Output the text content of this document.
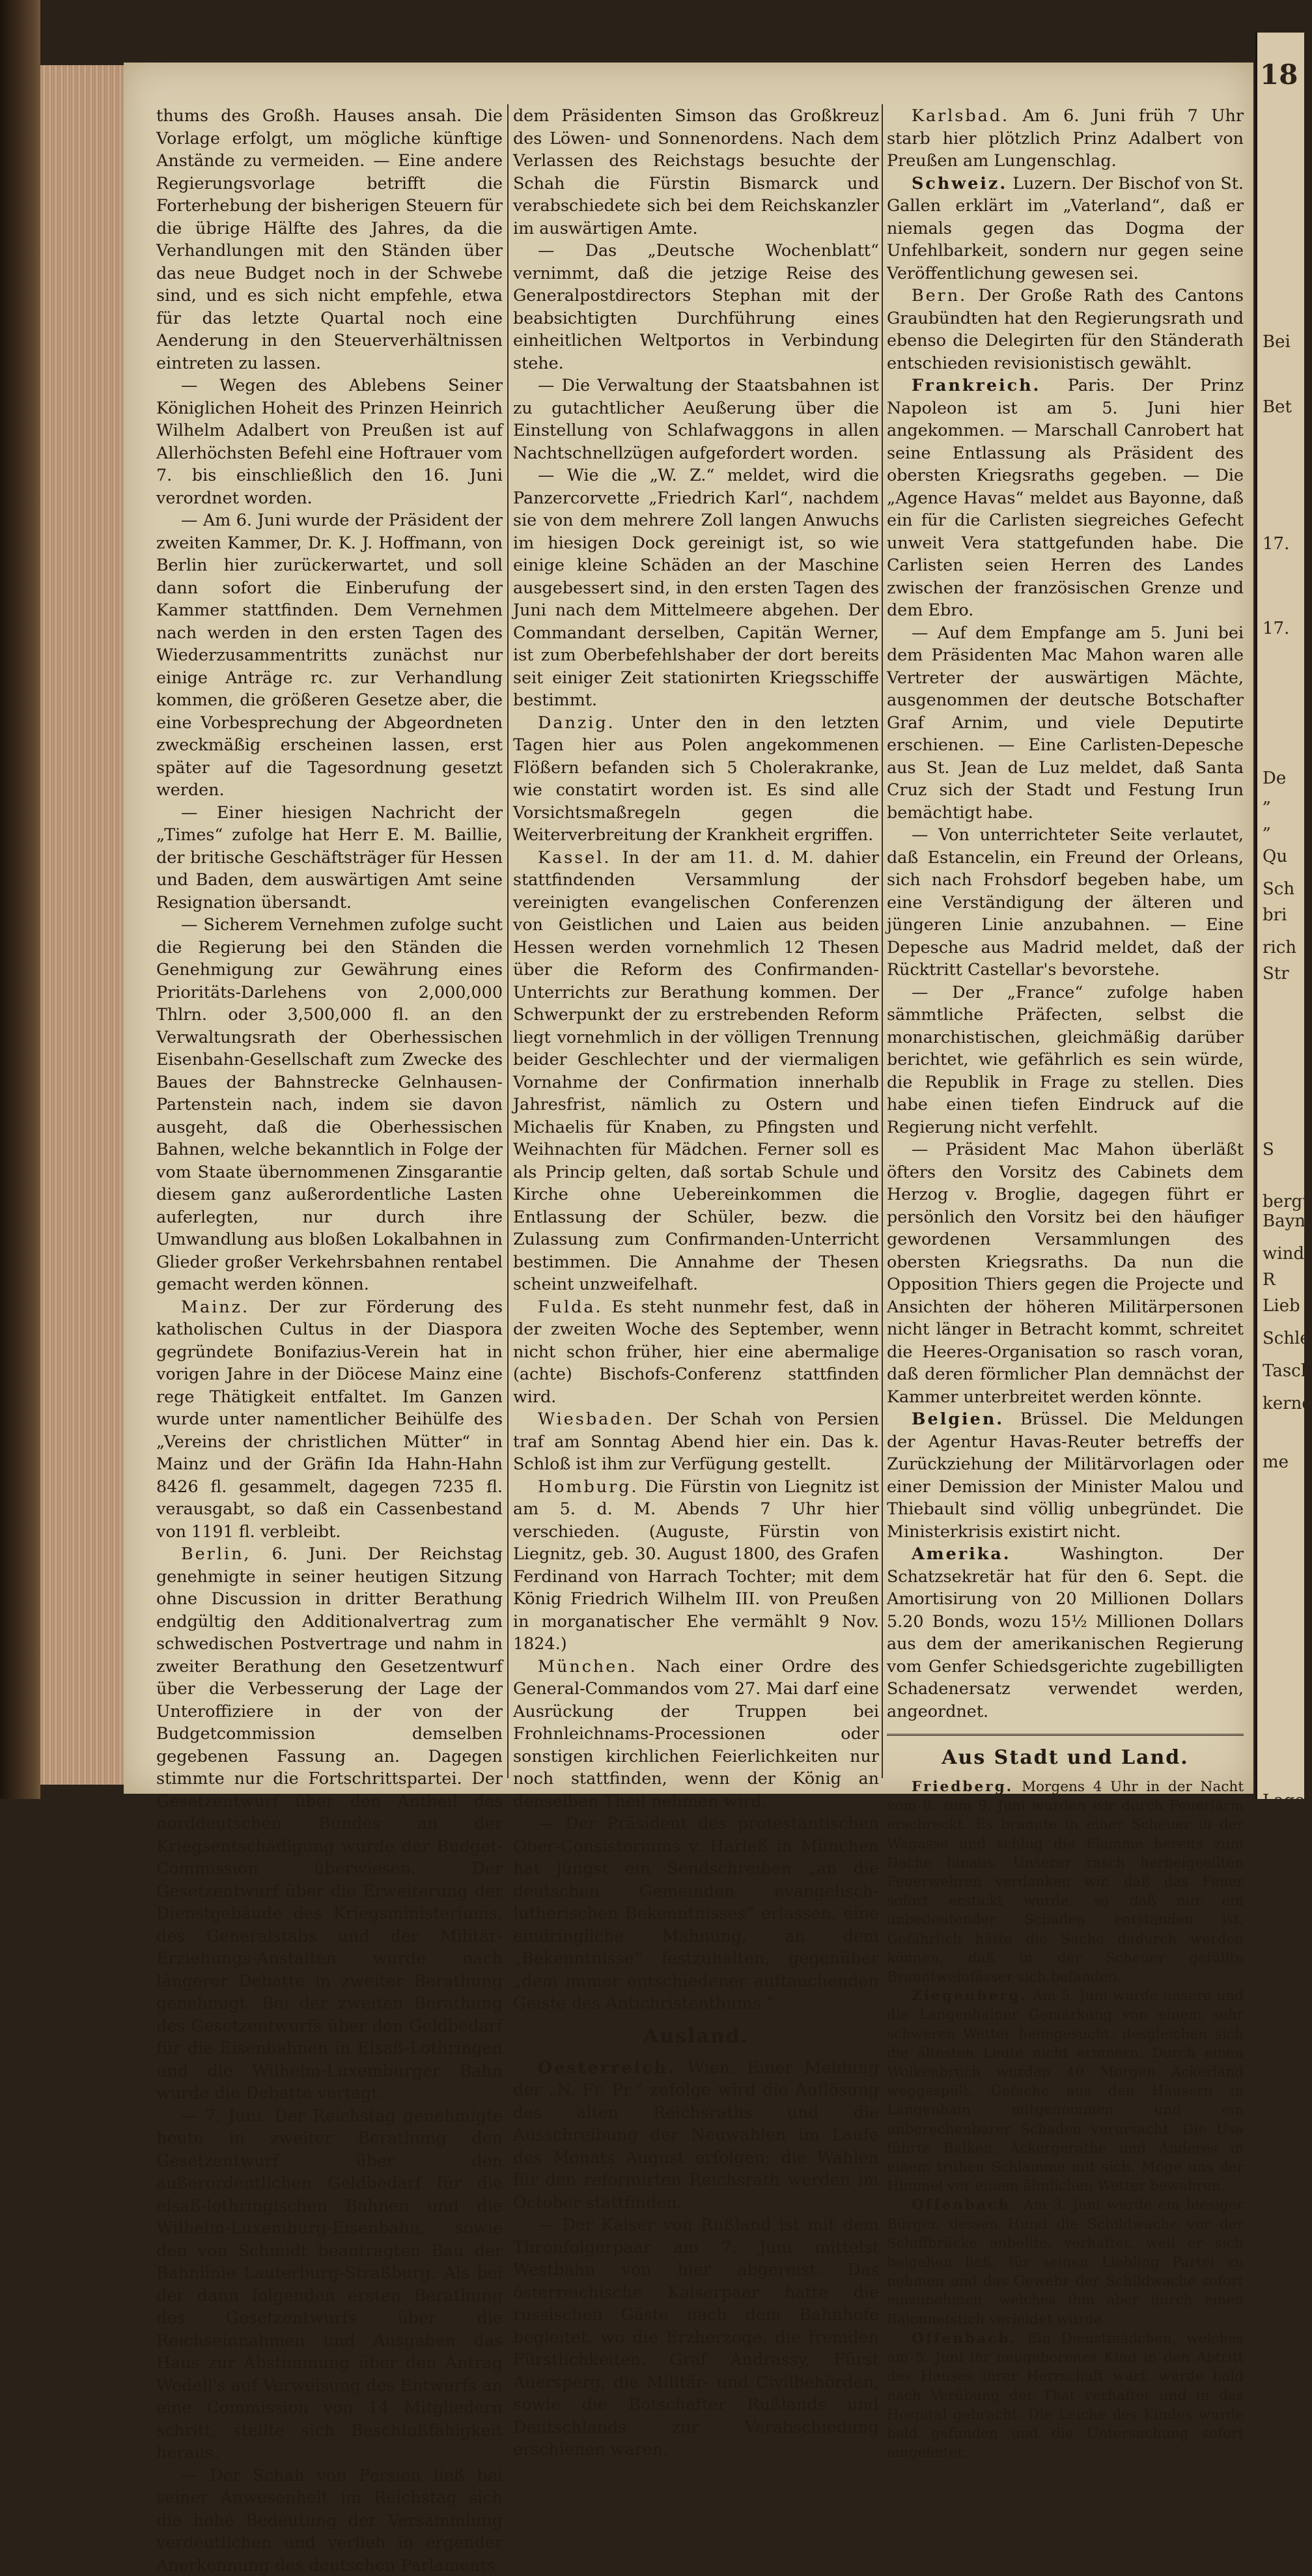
18
Bei
Bet
17.
17.
De
„
„
Qu
Sch
bri
rich
Str
S
bergt
Bayn
wind
R
Lieb
Schle
Tasch
kerne
me
Lage

thums des Großh. Hauses ansah. Die Vorlage erfolgt, um mögliche künftige Anstände zu vermeiden. — Eine andere Regierungsvorlage betrifft die Forterhebung der bisherigen Steuern für die übrige Hälfte des Jahres, da die Verhandlungen mit den Ständen über das neue Budget noch in der Schwebe sind, und es sich nicht empfehle, etwa für das letzte Quartal noch eine Aenderung in den Steuerverhältnissen eintreten zu lassen.

— Wegen des Ablebens Seiner Königlichen Hoheit des Prinzen Heinrich Wilhelm Adalbert von Preußen ist auf Allerhöchsten Befehl eine Hoftrauer vom 7. bis einschließlich den 16. Juni verordnet worden.

— Am 6. Juni wurde der Präsident der zweiten Kammer, Dr. K. J. Hoffmann, von Berlin hier zurückerwartet, und soll dann sofort die Einberufung der Kammer stattfinden. Dem Vernehmen nach werden in den ersten Tagen des Wiederzusammentritts zunächst nur einige Anträge rc. zur Verhandlung kommen, die größeren Gesetze aber, die eine Vorbesprechung der Abgeordneten zweckmäßig erscheinen lassen, erst später auf die Tagesordnung gesetzt werden.

— Einer hiesigen Nachricht der „Times“ zufolge hat Herr E. M. Baillie, der britische Geschäftsträger für Hessen und Baden, dem auswärtigen Amt seine Resignation übersandt.

— Sicherem Vernehmen zufolge sucht die Regierung bei den Ständen die Genehmigung zur Gewährung eines Prioritäts-Darlehens von 2,000,000 Thlrn. oder 3,500,000 fl. an den Verwaltungsrath der Oberhessischen Eisenbahn-Gesellschaft zum Zwecke des Baues der Bahnstrecke Gelnhausen-Partenstein nach, indem sie davon ausgeht, daß die Oberhessischen Bahnen, welche bekanntlich in Folge der vom Staate übernommenen Zinsgarantie diesem ganz außerordentliche Lasten auferlegten, nur durch ihre Umwandlung aus bloßen Lokalbahnen in Glieder großer Verkehrsbahnen rentabel gemacht werden können.

Mainz. Der zur Förderung des katholischen Cultus in der Diaspora gegründete Bonifazius-Verein hat in vorigen Jahre in der Diöcese Mainz eine rege Thätigkeit entfaltet. Im Ganzen wurde unter namentlicher Beihülfe des „Vereins der christlichen Mütter“ in Mainz und der Gräfin Ida Hahn-Hahn 8426 fl. gesammelt, dagegen 7235 fl. verausgabt, so daß ein Cassenbestand von 1191 fl. verbleibt.

Berlin, 6. Juni. Der Reichstag genehmigte in seiner heutigen Sitzung ohne Discussion in dritter Berathung endgültig den Additionalvertrag zum schwedischen Postvertrage und nahm in zweiter Berathung den Gesetzentwurf über die Verbesserung der Lage der Unteroffiziere in der von der Budgetcommission demselben gegebenen Fassung an. Dagegen stimmte nur die Fortschrittspartei. Der Gesetzentwurf über den Antheil des norddeutschen Bundes an der Kriegsentschädigung wurde der Budget-Commission überwiesen. Der Gesetzentwurf über die Erweiterung der Dienstgebäude des Kriegsministeriums, des Generalstabs und der Militär-Erziehungs-Anstalten wurde nach längerer Debatte in zweiter Berathung genehmigt. Bei der zweiten Berathung des Gesetzentwurfs über den Geldbedarf für die Eisenbahnen in Elsaß-Lothringen und die Wilhelm-Luxemburger Bahn wurde die Debatte vertagt.

— 7. Juni. Der Reichstag genehmigte heute in zweiter Berathung den Gesetzentwurf über den außerordentlichen Geldbedarf für die elsaß-lothringischen Bahnen und die Wilhelm-Luxemburg-Eisenbahn, sowie den von Schmidt beantragten Bau der Bahnlinie Lauterburg-Straßburg. Als bei der dann folgenden ersten Berathung des Gesetzentwurfs über die Reichseinnahmen und Ausgaben das Haus zur Abstimmung über den Antrag Wedell's auf Verweisung des Entwurfs an eine Commission von 14 Mitgliedern schritt, stellte sich Beschlußfähigkeit heraus.

— Der Schah von Persien ließ bei seiner Anwesenheit im Reichstag sich die hohe Bedeutung der Versammlung verdeutlichen und verlieh in ergender Anerkennung des deutschen Parlaments

dem Präsidenten Simson das Großkreuz des Löwen- und Sonnenordens. Nach dem Verlassen des Reichstags besuchte der Schah die Fürstin Bismarck und verabschiedete sich bei dem Reichskanzler im auswärtigen Amte.

— Das „Deutsche Wochenblatt“ vernimmt, daß die jetzige Reise des Generalpostdirectors Stephan mit der beabsichtigten Durchführung eines einheitlichen Weltportos in Verbindung stehe.

— Die Verwaltung der Staatsbahnen ist zu gutachtlicher Aeußerung über die Einstellung von Schlafwaggons in allen Nachtschnellzügen aufgefordert worden.

— Wie die „W. Z.“ meldet, wird die Panzercorvette „Friedrich Karl“, nachdem sie von dem mehrere Zoll langen Anwuchs im hiesigen Dock gereinigt ist, so wie einige kleine Schäden an der Maschine ausgebessert sind, in den ersten Tagen des Juni nach dem Mittelmeere abgehen. Der Commandant derselben, Capitän Werner, ist zum Oberbefehlshaber der dort bereits seit einiger Zeit stationirten Kriegsschiffe bestimmt.

Danzig. Unter den in den letzten Tagen hier aus Polen angekommenen Flößern befanden sich 5 Cholerakranke, wie constatirt worden ist. Es sind alle Vorsichtsmaßregeln gegen die Weiterverbreitung der Krankheit ergriffen.

Kassel. In der am 11. d. M. dahier stattfindenden Versammlung der vereinigten evangelischen Conferenzen von Geistlichen und Laien aus beiden Hessen werden vornehmlich 12 Thesen über die Reform des Confirmanden-Unterrichts zur Berathung kommen. Der Schwerpunkt der zu erstrebenden Reform liegt vornehmlich in der völligen Trennung beider Geschlechter und der viermaligen Vornahme der Confirmation innerhalb Jahresfrist, nämlich zu Ostern und Michaelis für Knaben, zu Pfingsten und Weihnachten für Mädchen. Ferner soll es als Princip gelten, daß sortab Schule und Kirche ohne Uebereinkommen die Entlassung der Schüler, bezw. die Zulassung zum Confirmanden-Unterricht bestimmen. Die Annahme der Thesen scheint unzweifelhaft.

Fulda. Es steht nunmehr fest, daß in der zweiten Woche des September, wenn nicht schon früher, hier eine abermalige (achte) Bischofs-Conferenz stattfinden wird.

Wiesbaden. Der Schah von Persien traf am Sonntag Abend hier ein. Das k. Schloß ist ihm zur Verfügung gestellt.

Homburg. Die Fürstin von Liegnitz ist am 5. d. M. Abends 7 Uhr hier verschieden. (Auguste, Fürstin von Liegnitz, geb. 30. August 1800, des Grafen Ferdinand von Harrach Tochter; mit dem König Friedrich Wilhelm III. von Preußen in morganatischer Ehe vermählt 9 Nov. 1824.)

München. Nach einer Ordre des General-Commandos vom 27. Mai darf eine Ausrückung der Truppen bei Frohnleichnams-Processionen oder sonstigen kirchlichen Feierlichkeiten nur noch stattfinden, wenn der König an denselben Theil nehmen wird.

— Der Präsident des protestantischen Ober-Consistoriums v. Harleß in München hat jüngst ein Sendschreiben „an die deutschen Gemeinden evangelisch-lutherischen Bekenntnisses“ erlassen, eine eindringliche Mahnung, an dem „Bekenntnisse“ festzuhalten, gegenüber „dem immer entschiedener auftauchenden Geiste des Antichristenthums.“

Ausland.

Oesterreich. Wien. Einer Meldung der „N. Fr. Pr.“ zufolge wird die Auflösung des alten Reichsraths und die Ausschreibung der Neuwahlen im Laufe des Monats August erfolgen; die Wahlen für den reformirten Reichsrath werden im October stattfinden.

— Der Kaiser von Rußland ist mit dem Thronfolgerpaar am 7. Juni mittelst Westbahn von hier abgereist. Das österreichische Kaiserpaar hatte die russischen Gäste nach dem Bahnhofe begleitet, wo die Erzherzoge, die fremden Fürstlichkeiten, Graf Andrassy, Fürst Auersperg, die Militär- und Civilbehörden, sowie die Botschafter Rußlands und Deutschlands zur Verabschiedung erschienen waren.

Karlsbad. Am 6. Juni früh 7 Uhr starb hier plötzlich Prinz Adalbert von Preußen am Lungenschlag.

Schweiz. Luzern. Der Bischof von St. Gallen erklärt im „Vaterland“, daß er niemals gegen das Dogma der Unfehlbarkeit, sondern nur gegen seine Veröffentlichung gewesen sei.

Bern. Der Große Rath des Cantons Graubündten hat den Regierungsrath und ebenso die Delegirten für den Ständerath entschieden revisionistisch gewählt.

Frankreich. Paris. Der Prinz Napoleon ist am 5. Juni hier angekommen. — Marschall Canrobert hat seine Entlassung als Präsident des obersten Kriegsraths gegeben. — Die „Agence Havas“ meldet aus Bayonne, daß ein für die Carlisten siegreiches Gefecht unweit Vera stattgefunden habe. Die Carlisten seien Herren des Landes zwischen der französischen Grenze und dem Ebro.

— Auf dem Empfange am 5. Juni bei dem Präsidenten Mac Mahon waren alle Vertreter der auswärtigen Mächte, ausgenommen der deutsche Botschafter Graf Arnim, und viele Deputirte erschienen. — Eine Carlisten-Depesche aus St. Jean de Luz meldet, daß Santa Cruz sich der Stadt und Festung Irun bemächtigt habe.

— Von unterrichteter Seite verlautet, daß Estancelin, ein Freund der Orleans, sich nach Frohsdorf begeben habe, um eine Verständigung der älteren und jüngeren Linie anzubahnen. — Eine Depesche aus Madrid meldet, daß der Rücktritt Castellar's bevorstehe.

— Der „France“ zufolge haben sämmtliche Präfecten, selbst die monarchistischen, gleichmäßig darüber berichtet, wie gefährlich es sein würde, die Republik in Frage zu stellen. Dies habe einen tiefen Eindruck auf die Regierung nicht verfehlt.

— Präsident Mac Mahon überläßt öfters den Vorsitz des Cabinets dem Herzog v. Broglie, dagegen führt er persönlich den Vorsitz bei den häufiger gewordenen Versammlungen des obersten Kriegsraths. Da nun die Opposition Thiers gegen die Projecte und Ansichten der höheren Militärpersonen nicht länger in Betracht kommt, schreitet die Heeres-Organisation so rasch voran, daß deren förmlicher Plan demnächst der Kammer unterbreitet werden könnte.

Belgien. Brüssel. Die Meldungen der Agentur Havas-Reuter betreffs der Zurückziehung der Militärvorlagen oder einer Demission der Minister Malou und Thiebault sind völlig unbegründet. Die Ministerkrisis existirt nicht.

Amerika. Washington. Der Schatzsekretär hat für den 6. Sept. die Amortisirung von 20 Millionen Dollars 5.20 Bonds, wozu 15½ Millionen Dollars aus dem der amerikanischen Regierung vom Genfer Schiedsgerichte zugebilligten Schadenersatz verwendet werden, angeordnet.

Aus Stadt und Land.

Friedberg. Morgens 4 Uhr in der Nacht vom 8. zum 9. Juni wurden wir durch Feuerlärm erschreckt. Es brannte in einer Scheuer in der Wagasse und schlug die Flamme bereits zum Dache hinaus. Unserer rasch herbeigeeilten Feuerwehren verdanken wir, daß das Feuer sofort erstickt wurde, so daß nur ein unbedeutender Schaden entstanden ist. Gefährlich hätte die Sache dadurch werden können, daß in der Scheuer gefüllte Branntweinfässer sich befanden.

Ziegenberg. Am 5. Juni wurde unsere und die Langenhainer Gemarkung von einem sehr schweren Wetter heimgesucht, desgleichen sich die ältesten Leute nicht erinnern. Durch einen Wolkenbruch wurden 40 Morgen Ackerland weggespült, Gefache aus den Häusern in Langenhain mitgenommen und ein unberechenbarer Schaden verursacht. Die Usa führte Balken, Ackergeräthe und Anderes in einem trüben Schlamme mit sich. Möge uns der Himmel vor einem ähnlichen Wetter bewahren.

Offenbach. Am 3. Juni wurde ein hiesiger Bürger, dessen Hund die Schildwache vor der Schiffbrücke anbellte, verhaftet, weil er sich beigehen ließ, für seinen Liebling Partei zu nehmen und das Gewehr der Schildwache sofort einzunehmen, welches ihm aber durch einen Bajonnetstich verleidet wurde.

Offenbach. Ein Dienstmädchen, welches am 5. Juni ihr neugeborenes Kind in den Abtritt des Hauses ihrer Herrschaft warf, wurde bald nach Verübung der That verhaftet und in das Hospital gebracht. Die Leiche des Kindes wurde bald gefunden und die Untersuchung sofort eingeleitet.
